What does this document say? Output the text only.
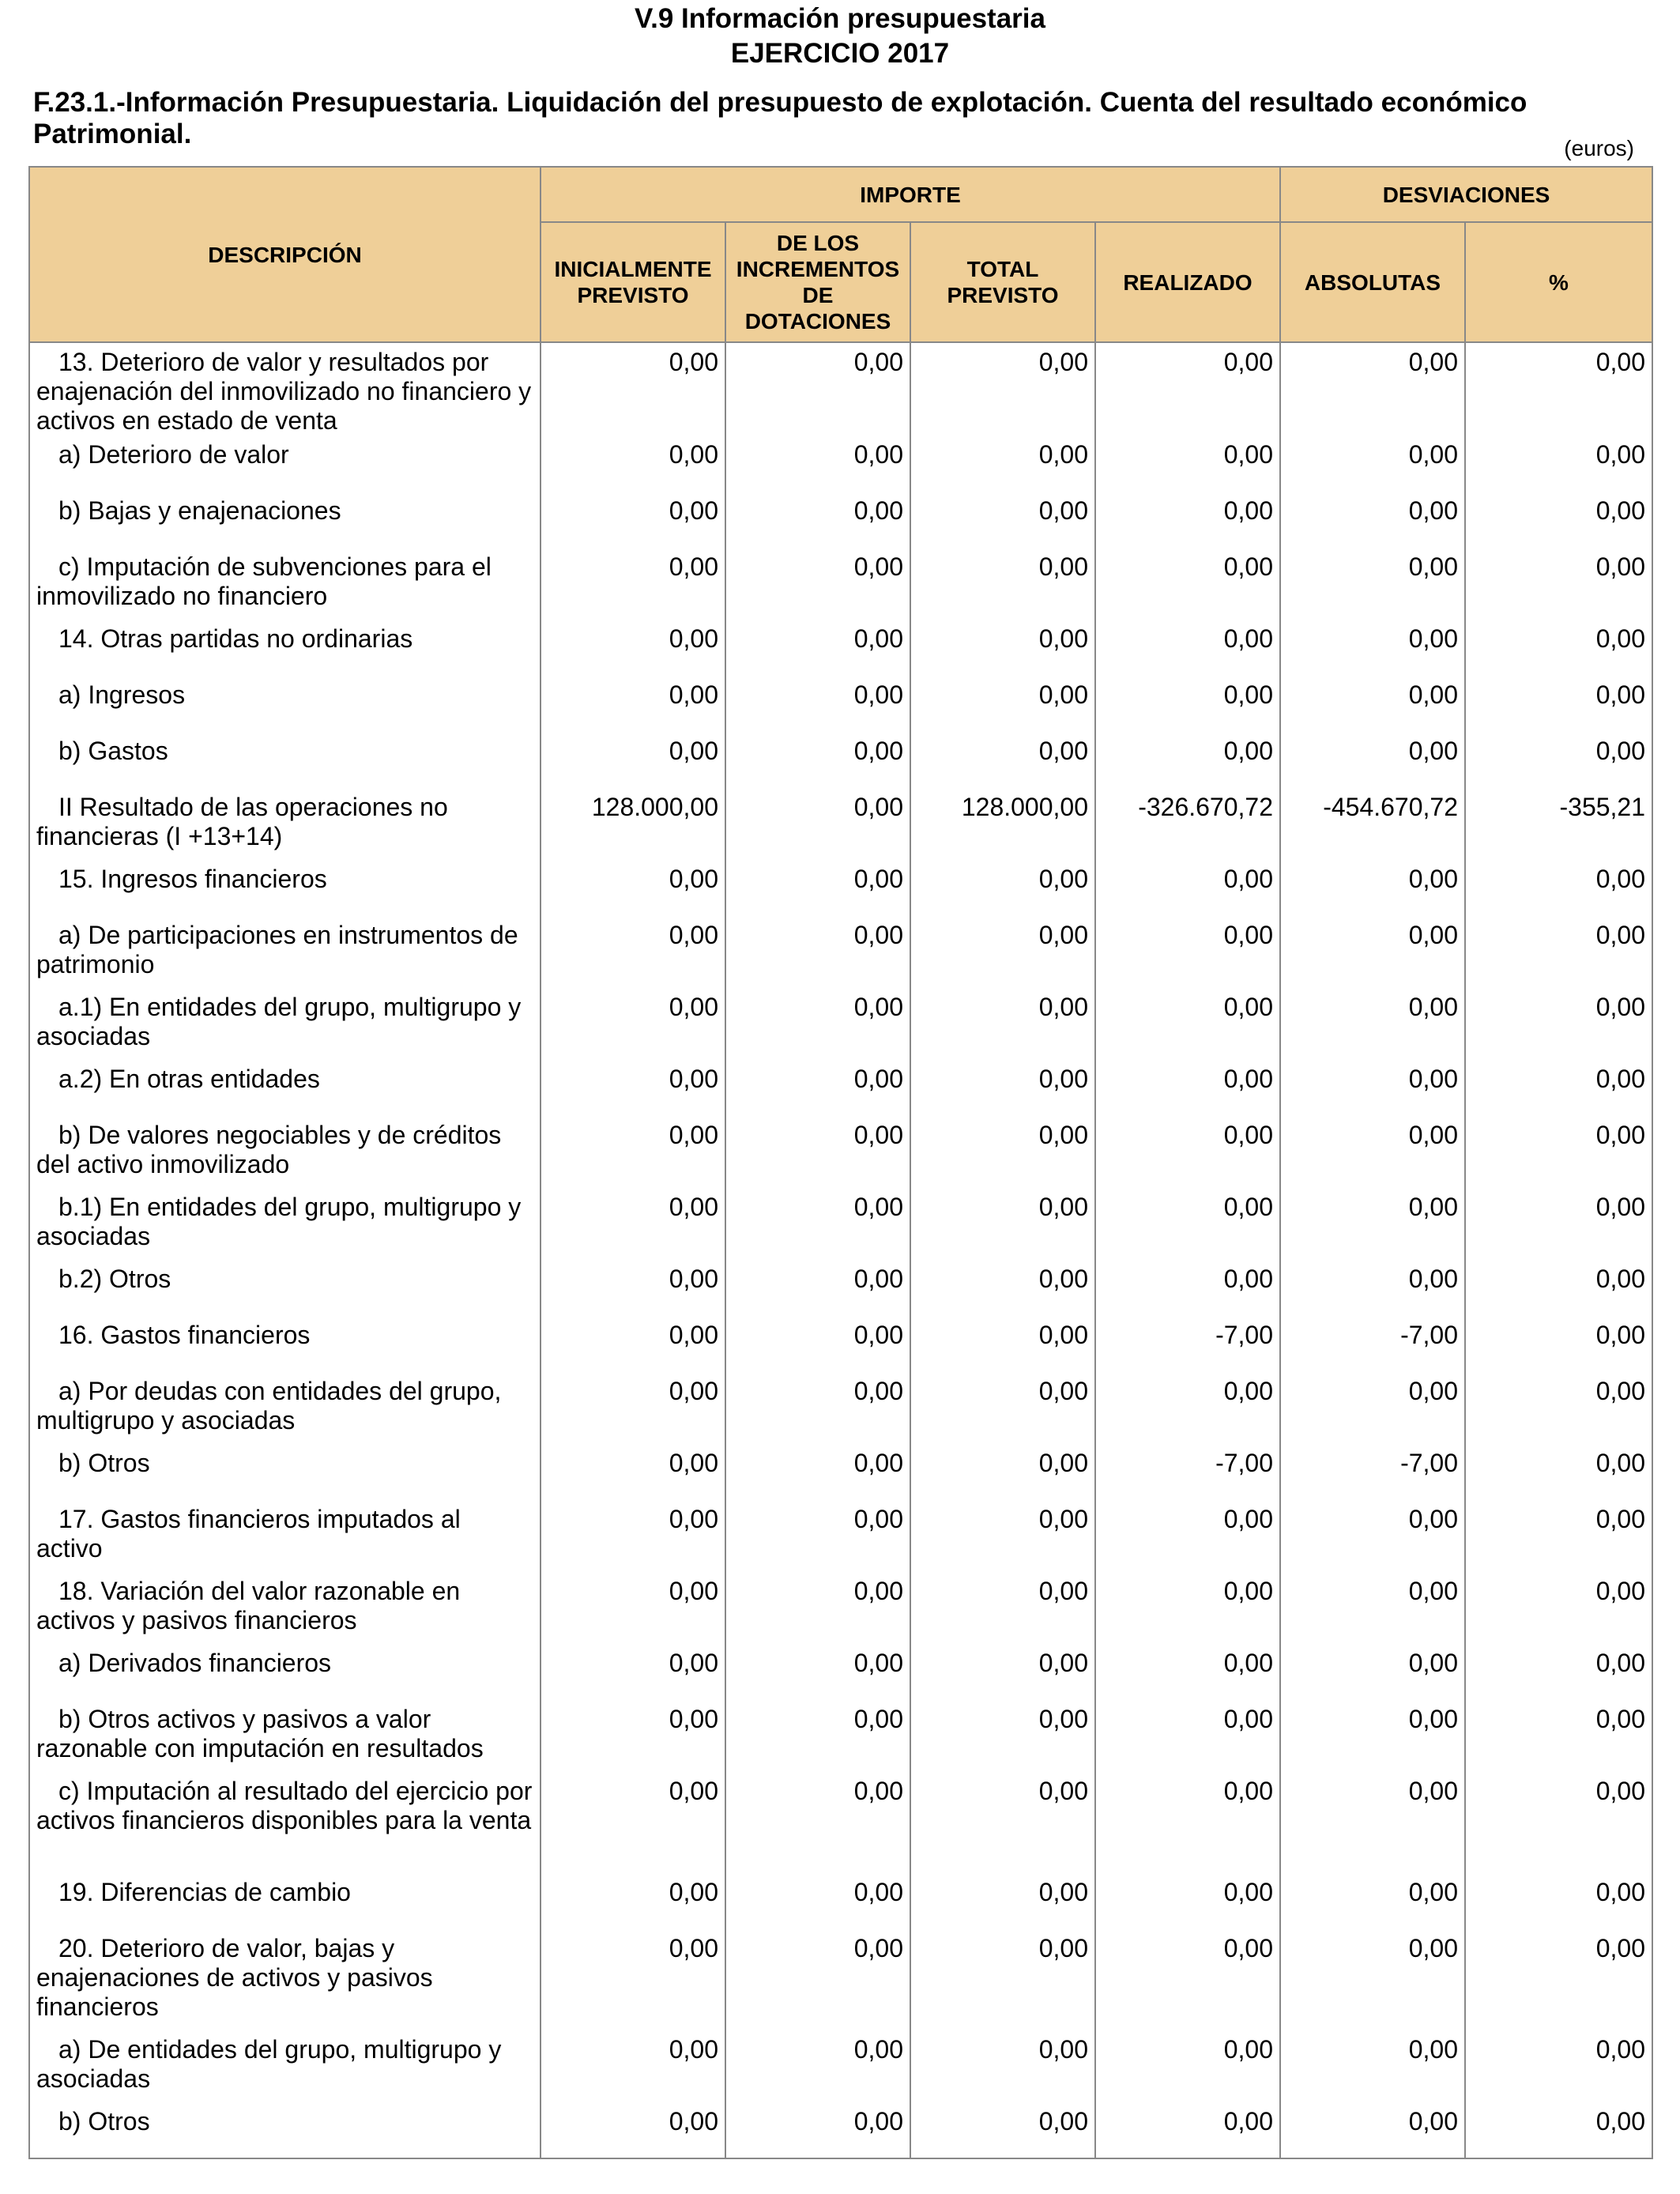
V.9 Información presupuestaria
EJERCICIO 2017
F.23.1.-Información Presupuestaria. Liquidación del presupuesto de explotación. Cuenta del resultado económico Patrimonial.	(euros)
DESCRIPCIÓN	IMPORTE				DESVIACIONES	
	INICIALMENTE PREVISTO	DE LOS INCREMENTOS DE DOTACIONES	TOTAL PREVISTO	REALIZADO	ABSOLUTAS	%
13. Deterioro de valor y resultados por enajenación del inmovilizado no financiero y activos en estado de venta	0,00	0,00	0,00	0,00	0,00	0,00
a) Deterioro de valor	0,00	0,00	0,00	0,00	0,00	0,00
b) Bajas y enajenaciones	0,00	0,00	0,00	0,00	0,00	0,00
c) Imputación de subvenciones para el inmovilizado no financiero	0,00	0,00	0,00	0,00	0,00	0,00
14. Otras partidas no ordinarias	0,00	0,00	0,00	0,00	0,00	0,00
a) Ingresos	0,00	0,00	0,00	0,00	0,00	0,00
b) Gastos	0,00	0,00	0,00	0,00	0,00	0,00
II Resultado de las operaciones no financieras (I +13+14)	128.000,00	0,00	128.000,00	-326.670,72	-454.670,72	-355,21
15. Ingresos financieros	0,00	0,00	0,00	0,00	0,00	0,00
a) De participaciones en instrumentos de patrimonio	0,00	0,00	0,00	0,00	0,00	0,00
a.1) En entidades del grupo, multigrupo y asociadas	0,00	0,00	0,00	0,00	0,00	0,00
a.2) En otras entidades	0,00	0,00	0,00	0,00	0,00	0,00
b) De valores negociables y de créditos del activo inmovilizado	0,00	0,00	0,00	0,00	0,00	0,00
b.1) En entidades del grupo, multigrupo y asociadas	0,00	0,00	0,00	0,00	0,00	0,00
b.2) Otros	0,00	0,00	0,00	0,00	0,00	0,00
16. Gastos financieros	0,00	0,00	0,00	-7,00	-7,00	0,00
a) Por deudas con entidades del grupo, multigrupo y asociadas	0,00	0,00	0,00	0,00	0,00	0,00
b) Otros	0,00	0,00	0,00	-7,00	-7,00	0,00
17. Gastos financieros imputados al activo	0,00	0,00	0,00	0,00	0,00	0,00
18. Variación del valor razonable en activos y pasivos financieros	0,00	0,00	0,00	0,00	0,00	0,00
a) Derivados financieros	0,00	0,00	0,00	0,00	0,00	0,00
b) Otros activos y pasivos a valor razonable con imputación en resultados	0,00	0,00	0,00	0,00	0,00	0,00
c) Imputación al resultado del ejercicio por activos financieros disponibles para la venta	0,00	0,00	0,00	0,00	0,00	0,00
19. Diferencias de cambio	0,00	0,00	0,00	0,00	0,00	0,00
20. Deterioro de valor, bajas y enajenaciones de activos y pasivos financieros	0,00	0,00	0,00	0,00	0,00	0,00
a) De entidades del grupo, multigrupo y asociadas	0,00	0,00	0,00	0,00	0,00	0,00
b) Otros	0,00	0,00	0,00	0,00	0,00	0,00
